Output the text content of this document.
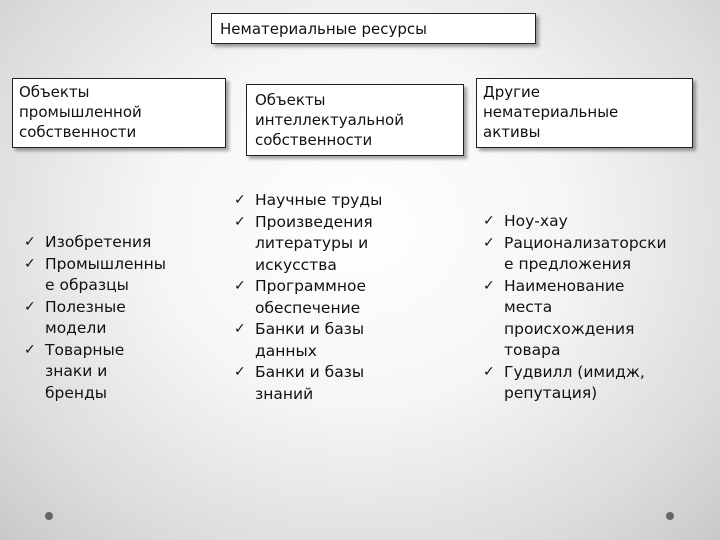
Нематериальные ресурсы
Объекты
промышленной
собственности
Объекты
интеллектуальной
собственности
Другие
нематериальные
активы
✓ Изобретения
✓ Промышленны
е образцы
✓ Полезные
модели
✓ Товарные
знаки и
бренды
✓ Научные труды
✓ Произведения
литературы и
искусства
✓ Программное
обеспечение
✓ Банки и базы
данных
✓ Банки и базы
знаний
✓ Ноу-хау
✓ Рационализаторски
е предложения
✓ Наименование
места
происхождения
товара
✓ Гудвилл (имидж,
репутация)
